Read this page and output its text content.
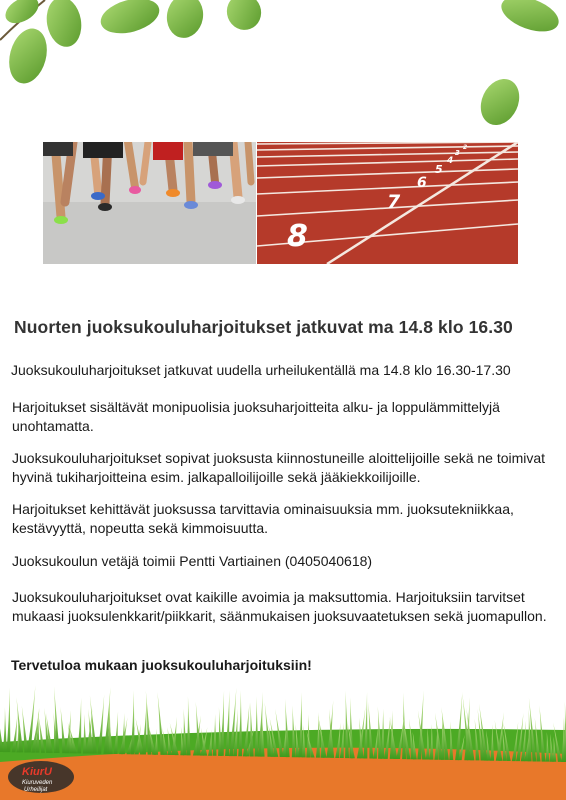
2
3
4
5
6
7
8
Nuorten juoksukouluharjoitukset jatkuvat ma 14.8 klo 16.30
Juoksukouluharjoitukset jatkuvat uudella urheilukentällä ma 14.8 klo 16.30-17.30
Harjoitukset sisältävät monipuolisia juoksuharjoitteita alku- ja loppulämmittelyjä unohtamatta.
Juoksukouluharjoitukset sopivat juoksusta kiinnostuneille aloittelijoille sekä ne toimivat hyvinä tukiharjoitteina esim. jalkapalloilijoille sekä jääkiekkoilijoille.
Harjoitukset kehittävät juoksussa tarvittavia ominaisuuksia mm. juoksutekniikkaa, kestävyyttä, nopeutta sekä kimmoisuutta.
Juoksukoulun vetäjä toimii Pentti Vartiainen (0405040618)
Juoksukouluharjoitukset ovat kaikille avoimia ja maksuttomia. Harjoituksiin tarvitset mukaasi juoksulenkkarit/piikkarit, säänmukaisen juoksuvaatetuksen sekä juomapullon.
Tervetuloa mukaan juoksukouluharjoituksiin!
KiurU
Kiuruveden
Urheilijat
